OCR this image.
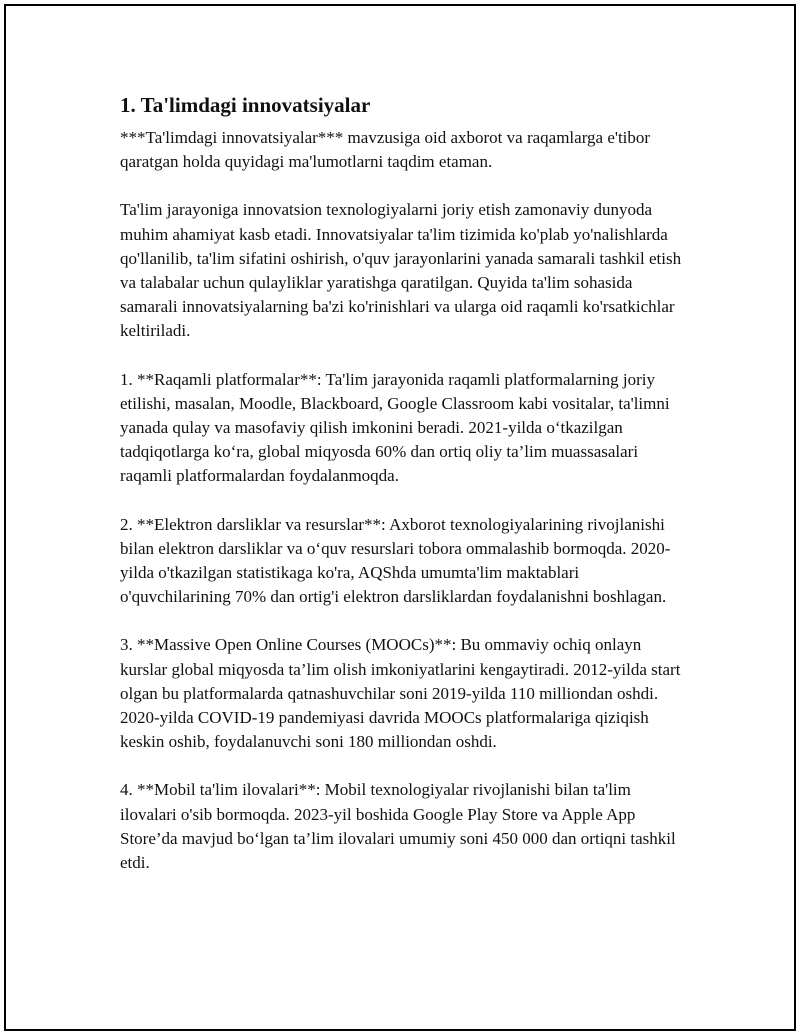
1. Ta'limdagi innovatsiyalar

***Ta'limdagi innovatsiyalar*** mavzusiga oid axborot va raqamlarga e'tibor qaratgan holda quyidagi ma'lumotlarni taqdim etaman.

Ta'lim jarayoniga innovatsion texnologiyalarni joriy etish zamonaviy dunyoda muhim ahamiyat kasb etadi. Innovatsiyalar ta'lim tizimida ko'plab yo'nalishlarda qo'llanilib, ta'lim sifatini oshirish, o'quv jarayonlarini yanada samarali tashkil etish va talabalar uchun qulayliklar yaratishga qaratilgan. Quyida ta'lim sohasida samarali innovatsiyalarning ba'zi ko'rinishlari va ularga oid raqamli ko'rsatkichlar keltiriladi.

1. **Raqamli platformalar**: Ta'lim jarayonida raqamli platformalarning joriy etilishi, masalan, Moodle, Blackboard, Google Classroom kabi vositalar, ta'limni yanada qulay va masofaviy qilish imkonini beradi. 2021-yilda o‘tkazilgan tadqiqotlarga ko‘ra, global miqyosda 60% dan ortiq oliy ta’lim muassasalari raqamli platformalardan foydalanmoqda.

2. **Elektron darsliklar va resurslar**: Axborot texnologiyalarining rivojlanishi bilan elektron darsliklar va o‘quv resurslari tobora ommalashib bormoqda. 2020-yilda o'tkazilgan statistikaga ko'ra, AQShda umumta'lim maktablari o'quvchilarining 70% dan ortig'i elektron darsliklardan foydalanishni boshlagan.

3. **Massive Open Online Courses (MOOCs)**: Bu ommaviy ochiq onlayn kurslar global miqyosda ta’lim olish imkoniyatlarini kengaytiradi. 2012-yilda start olgan bu platformalarda qatnashuvchilar soni 2019-yilda 110 milliondan oshdi. 2020-yilda COVID-19 pandemiyasi davrida MOOCs platformalariga qiziqish keskin oshib, foydalanuvchi soni 180 milliondan oshdi.

4. **Mobil ta'lim ilovalari**: Mobil texnologiyalar rivojlanishi bilan ta'lim ilovalari o'sib bormoqda. 2023-yil boshida Google Play Store va Apple App Store’da mavjud bo‘lgan ta’lim ilovalari umumiy soni 450 000 dan ortiqni tashkil etdi.
